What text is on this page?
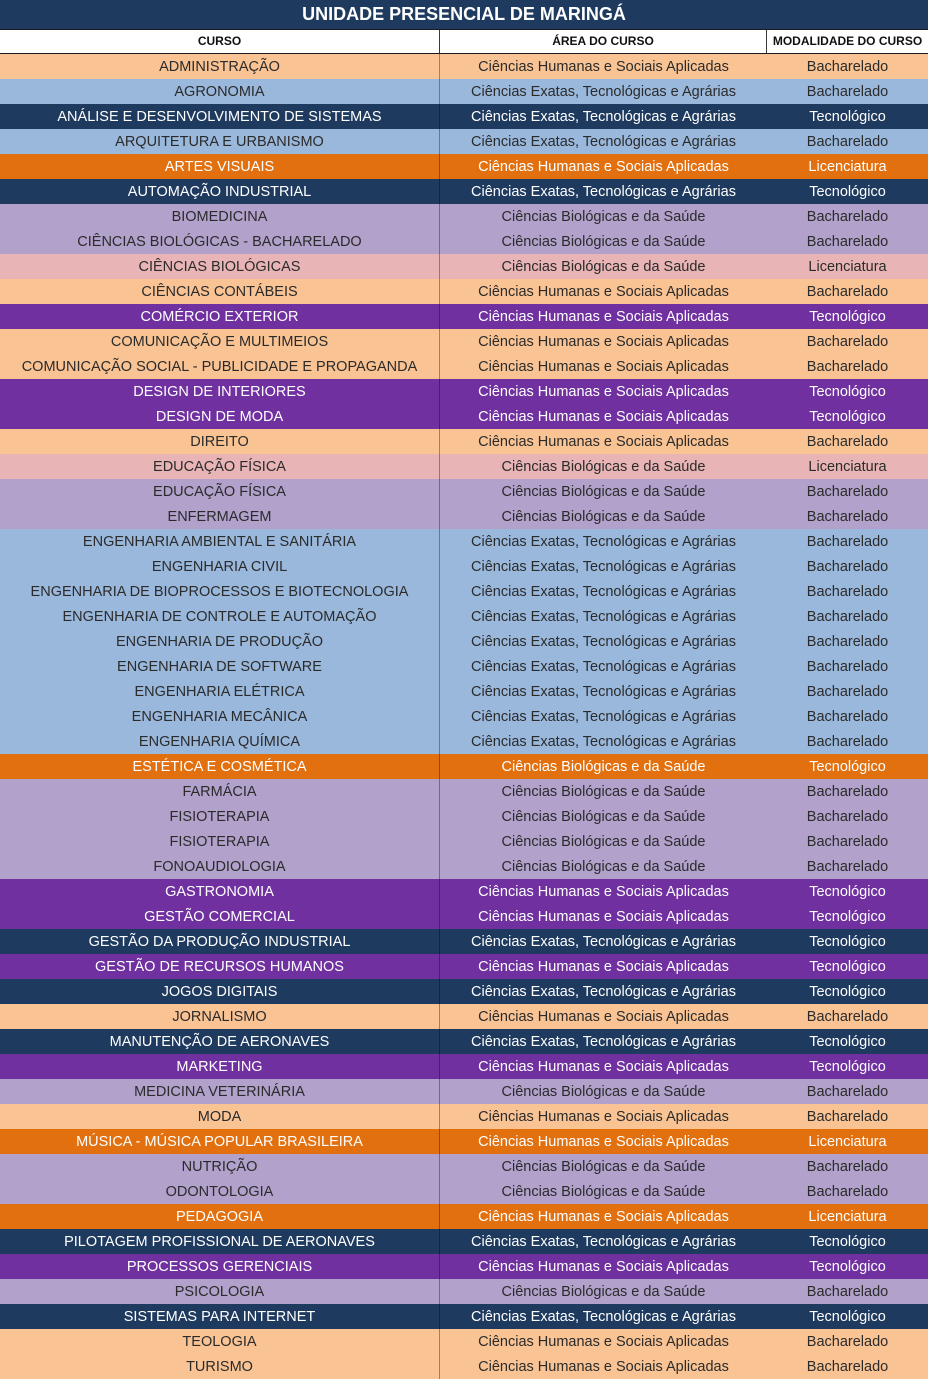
UNIDADE PRESENCIAL DE MARINGÁ
CURSO	ÁREA DO CURSO	MODALIDADE DO CURSO
ADMINISTRAÇÃO	Ciências Humanas e Sociais Aplicadas	Bacharelado
AGRONOMIA	Ciências Exatas, Tecnológicas e Agrárias	Bacharelado
ANÁLISE E DESENVOLVIMENTO DE SISTEMAS	Ciências Exatas, Tecnológicas e Agrárias	Tecnológico
ARQUITETURA E URBANISMO	Ciências Exatas, Tecnológicas e Agrárias	Bacharelado
ARTES VISUAIS	Ciências Humanas e Sociais Aplicadas	Licenciatura
AUTOMAÇÃO INDUSTRIAL	Ciências Exatas, Tecnológicas e Agrárias	Tecnológico
BIOMEDICINA	Ciências Biológicas e da Saúde	Bacharelado
CIÊNCIAS BIOLÓGICAS - BACHARELADO	Ciências Biológicas e da Saúde	Bacharelado
CIÊNCIAS BIOLÓGICAS	Ciências Biológicas e da Saúde	Licenciatura
CIÊNCIAS CONTÁBEIS	Ciências Humanas e Sociais Aplicadas	Bacharelado
COMÉRCIO EXTERIOR	Ciências Humanas e Sociais Aplicadas	Tecnológico
COMUNICAÇÃO E MULTIMEIOS	Ciências Humanas e Sociais Aplicadas	Bacharelado
COMUNICAÇÃO SOCIAL - PUBLICIDADE E PROPAGANDA	Ciências Humanas e Sociais Aplicadas	Bacharelado
DESIGN DE INTERIORES	Ciências Humanas e Sociais Aplicadas	Tecnológico
DESIGN DE MODA	Ciências Humanas e Sociais Aplicadas	Tecnológico
DIREITO	Ciências Humanas e Sociais Aplicadas	Bacharelado
EDUCAÇÃO FÍSICA	Ciências Biológicas e da Saúde	Licenciatura
EDUCAÇÃO FÍSICA	Ciências Biológicas e da Saúde	Bacharelado
ENFERMAGEM	Ciências Biológicas e da Saúde	Bacharelado
ENGENHARIA AMBIENTAL E SANITÁRIA	Ciências Exatas, Tecnológicas e Agrárias	Bacharelado
ENGENHARIA CIVIL	Ciências Exatas, Tecnológicas e Agrárias	Bacharelado
ENGENHARIA DE BIOPROCESSOS E BIOTECNOLOGIA	Ciências Exatas, Tecnológicas e Agrárias	Bacharelado
ENGENHARIA DE CONTROLE E AUTOMAÇÃO	Ciências Exatas, Tecnológicas e Agrárias	Bacharelado
ENGENHARIA DE PRODUÇÃO	Ciências Exatas, Tecnológicas e Agrárias	Bacharelado
ENGENHARIA DE SOFTWARE	Ciências Exatas, Tecnológicas e Agrárias	Bacharelado
ENGENHARIA ELÉTRICA	Ciências Exatas, Tecnológicas e Agrárias	Bacharelado
ENGENHARIA MECÂNICA	Ciências Exatas, Tecnológicas e Agrárias	Bacharelado
ENGENHARIA QUÍMICA	Ciências Exatas, Tecnológicas e Agrárias	Bacharelado
ESTÉTICA E COSMÉTICA	Ciências Biológicas e da Saúde	Tecnológico
FARMÁCIA	Ciências Biológicas e da Saúde	Bacharelado
FISIOTERAPIA	Ciências Biológicas e da Saúde	Bacharelado
FISIOTERAPIA	Ciências Biológicas e da Saúde	Bacharelado
FONOAUDIOLOGIA	Ciências Biológicas e da Saúde	Bacharelado
GASTRONOMIA	Ciências Humanas e Sociais Aplicadas	Tecnológico
GESTÃO COMERCIAL	Ciências Humanas e Sociais Aplicadas	Tecnológico
GESTÃO DA PRODUÇÃO INDUSTRIAL	Ciências Exatas, Tecnológicas e Agrárias	Tecnológico
GESTÃO DE RECURSOS HUMANOS	Ciências Humanas e Sociais Aplicadas	Tecnológico
JOGOS DIGITAIS	Ciências Exatas, Tecnológicas e Agrárias	Tecnológico
JORNALISMO	Ciências Humanas e Sociais Aplicadas	Bacharelado
MANUTENÇÃO DE AERONAVES	Ciências Exatas, Tecnológicas e Agrárias	Tecnológico
MARKETING	Ciências Humanas e Sociais Aplicadas	Tecnológico
MEDICINA VETERINÁRIA	Ciências Biológicas e da Saúde	Bacharelado
MODA	Ciências Humanas e Sociais Aplicadas	Bacharelado
MÚSICA - MÚSICA POPULAR BRASILEIRA	Ciências Humanas e Sociais Aplicadas	Licenciatura
NUTRIÇÃO	Ciências Biológicas e da Saúde	Bacharelado
ODONTOLOGIA	Ciências Biológicas e da Saúde	Bacharelado
PEDAGOGIA	Ciências Humanas e Sociais Aplicadas	Licenciatura
PILOTAGEM PROFISSIONAL DE AERONAVES	Ciências Exatas, Tecnológicas e Agrárias	Tecnológico
PROCESSOS GERENCIAIS	Ciências Humanas e Sociais Aplicadas	Tecnológico
PSICOLOGIA	Ciências Biológicas e da Saúde	Bacharelado
SISTEMAS PARA INTERNET	Ciências Exatas, Tecnológicas e Agrárias	Tecnológico
TEOLOGIA	Ciências Humanas e Sociais Aplicadas	Bacharelado
TURISMO	Ciências Humanas e Sociais Aplicadas	Bacharelado
